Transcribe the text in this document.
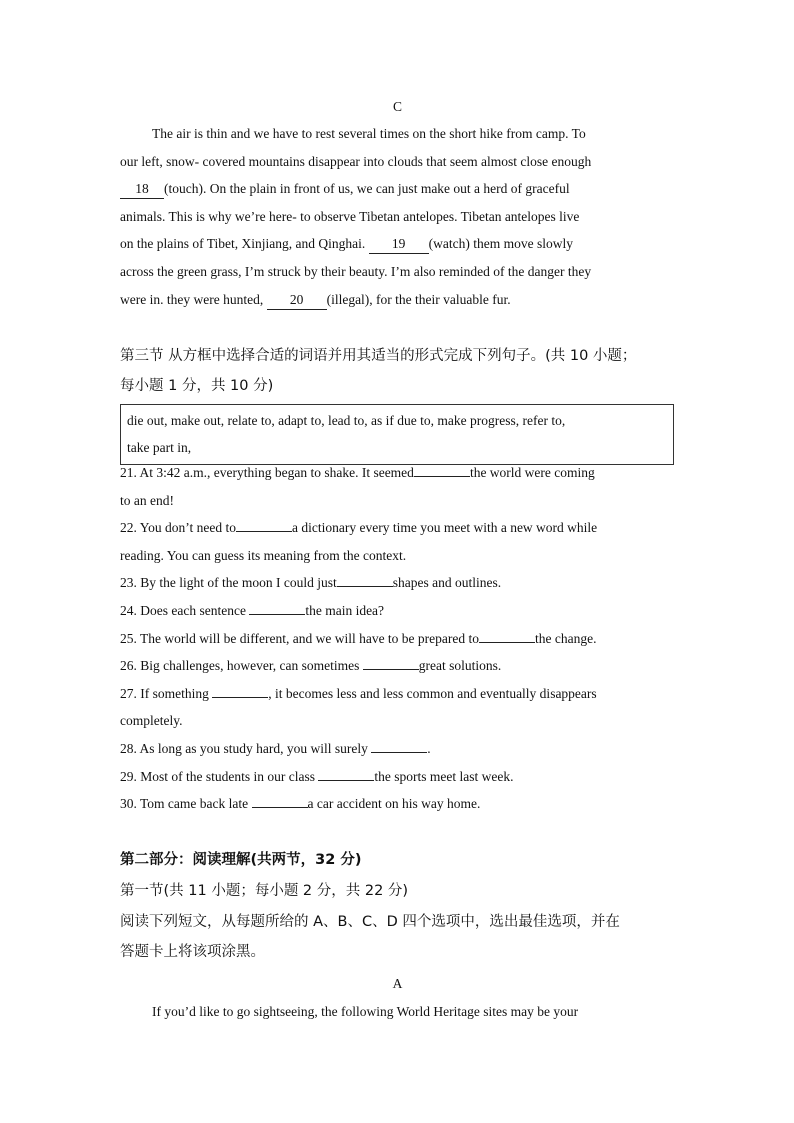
C
The air is thin and we have to rest several times on the short hike from camp. To
our left, snow- covered mountains disappear into clouds that seem almost close enough
18 (touch). On the plain in front of us, we can just make out a herd of graceful
animals. This is why we’re here- to observe Tibetan antelopes. Tibetan antelopes live
on the plains of Tibet, Xinjiang, and Qinghai. 19 (watch) them move slowly
across the green grass, I’m struck by their beauty. I’m also reminded of the danger they
were in. they were hunted, 20 (illegal), for the their valuable fur.
第三节 从方框中选择合适的词语并用其适当的形式完成下列句子。(共 10 小题；
每小题 1 分，共 10 分)
die out, make out, relate to, adapt to, lead to, as if due to, make progress, refer to,
take part in,
21. At 3:42 a.m., everything began to shake. It seemed	the world were coming
to an end!
22. You don’t need to	a dictionary every time you meet with a new word while
reading. You can guess its meaning from the context.
23. By the light of the moon I could just	shapes and outlines.
24. Does each sentence	the main idea?
25. The world will be different, and we will have to be prepared to	the change.
26. Big challenges, however, can sometimes	great solutions.
27. If something	, it becomes less and less common and eventually disappears
completely.
28. As long as you study hard, you will surely	.
29. Most of the students in our class	the sports meet last week.
30. Tom came back late	a car accident on his way home.
第二部分：阅读理解(共两节，32 分)
第一节(共 11 小题；每小题 2 分，共 22 分)
阅读下列短文，从每题所给的 A、B、C、D 四个选项中，选出最佳选项，并在
答题卡上将该项涂黑。
A
If you’d like to go sightseeing, the following World Heritage sites may be your
